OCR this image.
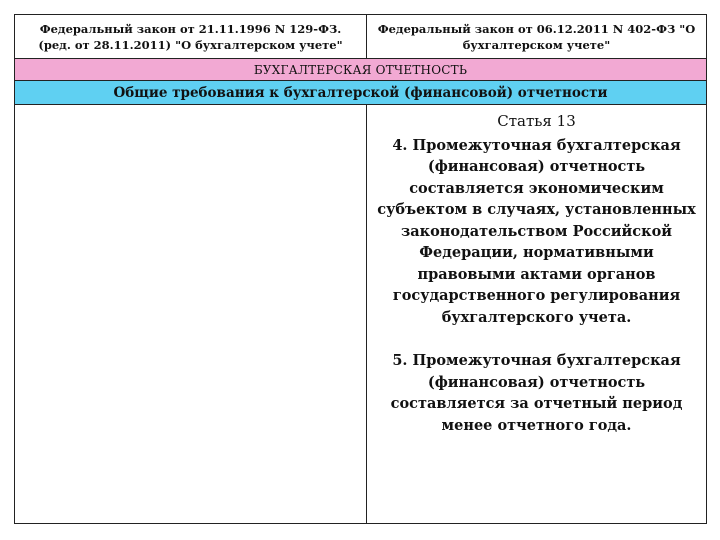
Федеральный закон от 21.11.1996 N 129-ФЗ. (ред. от 28.11.2011) "О бухгалтерском учете"
Федеральный закон от 06.12.2011 N 402-ФЗ "О бухгалтерском учете"
БУХГАЛТЕРСКАЯ ОТЧЕТНОСТЬ
Общие требования к бухгалтерской (финансовой) отчетности

Статья 13

4. Промежуточная бухгалтерская (финансовая) отчетность составляется экономическим субъектом в случаях, установленных законодательством Российской Федерации, нормативными правовыми актами органов государственного регулирования бухгалтерского учета.

5. Промежуточная бухгалтерская (финансовая) отчетность составляется за отчетный период менее отчетного года.
